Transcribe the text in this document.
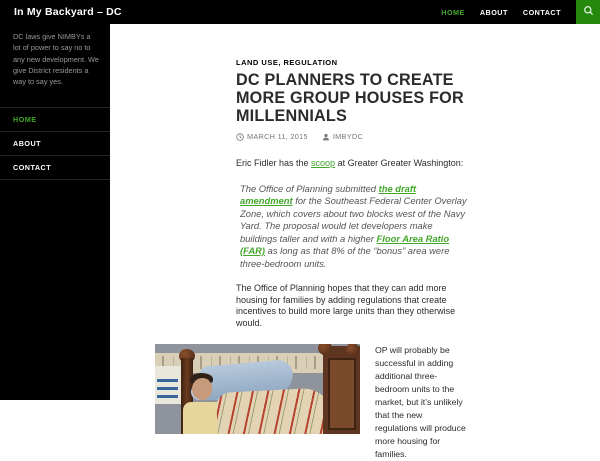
In My Backyard – DC	HOME ABOUT CONTACT

DC laws give NIMBYs a lot of power to say no to any new development. We give District residents a way to say yes.

HOME
ABOUT
CONTACT
LAND USE, REGULATION
DC PLANNERS TO CREATE MORE GROUP HOUSES FOR MILLENNIALS
MARCH 11, 2015	IMBYDC

Eric Fidler has the scoop at Greater Greater Washington:

The Office of Planning submitted the draft amendment for the Southeast Federal Center Overlay Zone, which covers about two blocks west of the Navy Yard. The proposal would let developers make buildings taller and with a higher Floor Area Ratio (FAR) as long as that 8% of the “bonus” area were three-bedroom units.

The Office of Planning hopes that they can add more housing for families by adding regulations that create incentives to build more large units than they otherwise would.

OP will probably be successful in adding additional three-bedroom units to the market, but it’s unlikely that the new regulations will produce more housing for families.
